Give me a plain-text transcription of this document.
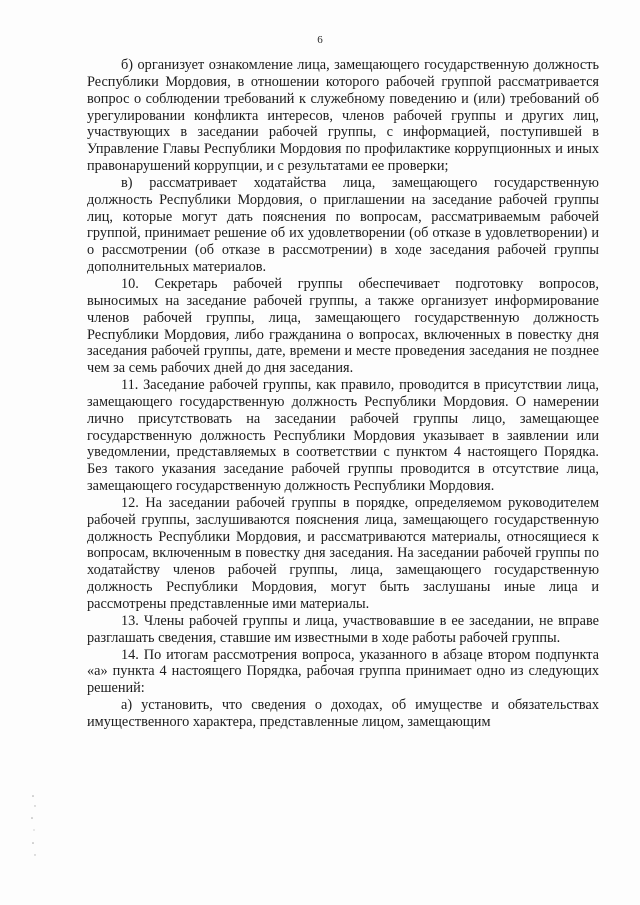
6

б) организует ознакомление лица, замещающего государственную должность Республики Мордовия, в отношении которого рабочей группой рассматривается вопрос о соблюдении требований к служебному поведению и (или) требований об урегулировании конфликта интересов, членов рабочей группы и других лиц, участвующих в заседании рабочей группы, с информацией, поступившей в Управление Главы Республики Мордовия по профилактике коррупционных и иных правонарушений коррупции, и с результатами ее проверки;

в) рассматривает ходатайства лица, замещающего государственную должность Республики Мордовия, о приглашении на заседание рабочей группы лиц, которые могут дать пояснения по вопросам, рассматриваемым рабочей группой, принимает решение об их удовлетворении (об отказе в удовлетворении) и о рассмотрении (об отказе в рассмотрении) в ходе заседания рабочей группы дополнительных материалов.

10. Секретарь рабочей группы обеспечивает подготовку вопросов, выносимых на заседание рабочей группы, а также организует информирование членов рабочей группы, лица, замещающего государственную должность Республики Мордовия, либо гражданина о вопросах, включенных в повестку дня заседания рабочей группы, дате, времени и месте проведения заседания не позднее чем за семь рабочих дней до дня заседания.

11. Заседание рабочей группы, как правило, проводится в присутствии лица, замещающего государственную должность Республики Мордовия. О намерении лично присутствовать на заседании рабочей группы лицо, замещающее государственную должность Республики Мордовия указывает в заявлении или уведомлении, представляемых в соответствии с пунктом 4 настоящего Порядка. Без такого указания заседание рабочей группы проводится в отсутствие лица, замещающего государственную должность Республики Мордовия.

12. На заседании рабочей группы в порядке, определяемом руководителем рабочей группы, заслушиваются пояснения лица, замещающего государственную должность Республики Мордовия, и рассматриваются материалы, относящиеся к вопросам, включенным в повестку дня заседания. На заседании рабочей группы по ходатайству членов рабочей группы, лица, замещающего государственную должность Республики Мордовия, могут быть заслушаны иные лица и рассмотрены представленные ими материалы.

13. Члены рабочей группы и лица, участвовавшие в ее заседании, не вправе разглашать сведения, ставшие им известными в ходе работы рабочей группы.

14. По итогам рассмотрения вопроса, указанного в абзаце втором подпункта «а» пункта 4 настоящего Порядка, рабочая группа принимает одно из следующих решений:

а) установить, что сведения о доходах, об имуществе и обязательствах имущественного характера, представленные лицом, замещающим
